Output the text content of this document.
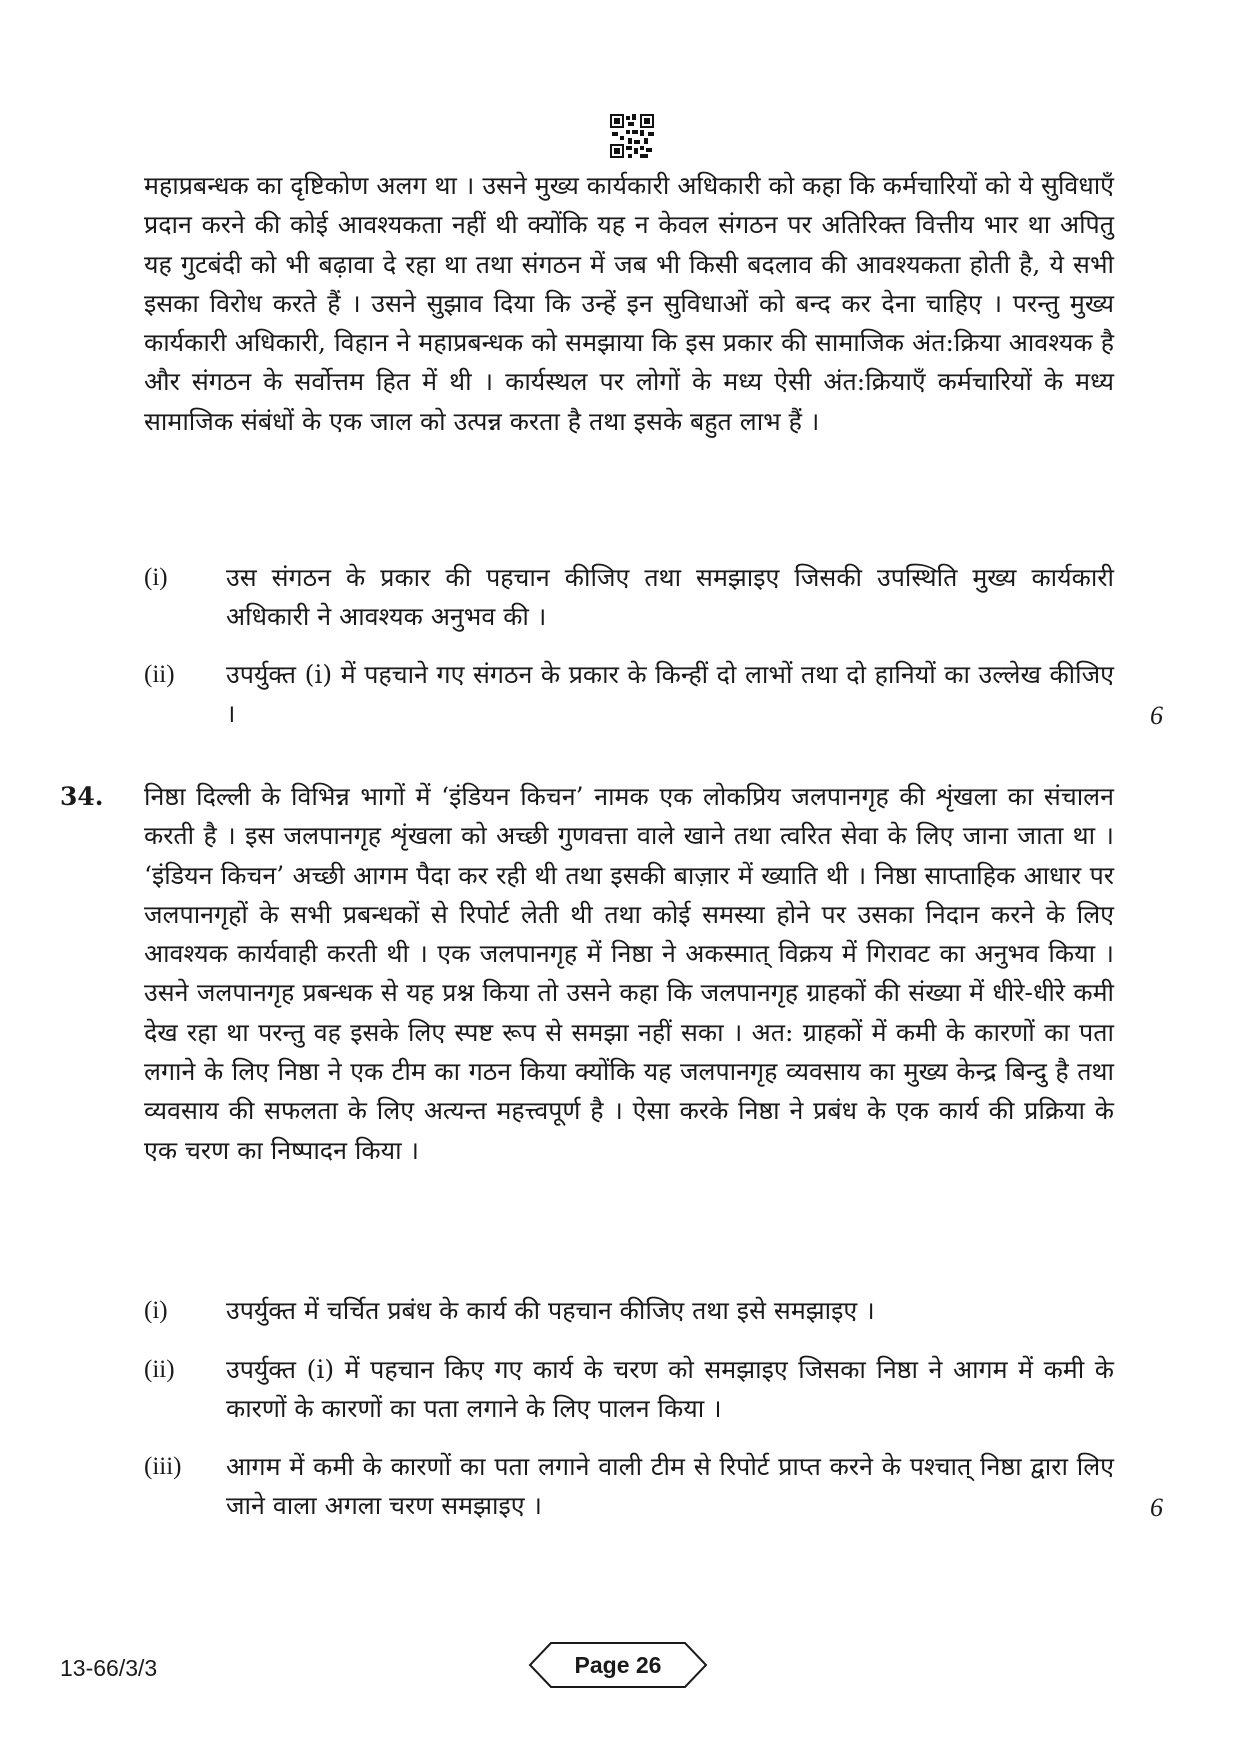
महाप्रबन्धक का दृष्टिकोण अलग था । उसने मुख्य कार्यकारी अधिकारी को कहा कि कर्मचारियों को ये सुविधाएँ प्रदान करने की कोई आवश्यकता नहीं थी क्योंकि यह न केवल संगठन पर अतिरिक्त वित्तीय भार था अपितु यह गुटबंदी को भी बढ़ावा दे रहा था तथा संगठन में जब भी किसी बदलाव की आवश्यकता होती है, ये सभी इसका विरोध करते हैं । उसने सुझाव दिया कि उन्हें इन सुविधाओं को बन्द कर देना चाहिए । परन्तु मुख्य कार्यकारी अधिकारी, विहान ने महाप्रबन्धक को समझाया कि इस प्रकार की सामाजिक अंत:क्रिया आवश्यक है और संगठन के सर्वोत्तम हित में थी । कार्यस्थल पर लोगों के मध्य ऐसी अंत:क्रियाएँ कर्मचारियों के मध्य सामाजिक संबंधों के एक जाल को उत्पन्न करता है तथा इसके बहुत लाभ हैं ।
(i) उस संगठन के प्रकार की पहचान कीजिए तथा समझाइए जिसकी उपस्थिति मुख्य कार्यकारी अधिकारी ने आवश्यक अनुभव की ।
(ii) उपर्युक्त (i) में पहचाने गए संगठन के प्रकार के किन्हीं दो लाभों तथा दो हानियों का उल्लेख कीजिए ।	6
34. निष्ठा दिल्ली के विभिन्न भागों में ‘इंडियन किचन’ नामक एक लोकप्रिय जलपानगृह की शृंखला का संचालन करती है । इस जलपानगृह शृंखला को अच्छी गुणवत्ता वाले खाने तथा त्वरित सेवा के लिए जाना जाता था । ‘इंडियन किचन’ अच्छी आगम पैदा कर रही थी तथा इसकी बाज़ार में ख्याति थी । निष्ठा साप्ताहिक आधार पर जलपानगृहों के सभी प्रबन्धकों से रिपोर्ट लेती थी तथा कोई समस्या होने पर उसका निदान करने के लिए आवश्यक कार्यवाही करती थी । एक जलपानगृह में निष्ठा ने अकस्मात् विक्रय में गिरावट का अनुभव किया । उसने जलपानगृह प्रबन्धक से यह प्रश्न किया तो उसने कहा कि जलपानगृह ग्राहकों की संख्या में धीरे-धीरे कमी देख रहा था परन्तु वह इसके लिए स्पष्ट रूप से समझा नहीं सका । अत: ग्राहकों में कमी के कारणों का पता लगाने के लिए निष्ठा ने एक टीम का गठन किया क्योंकि यह जलपानगृह व्यवसाय का मुख्य केन्द्र बिन्दु है तथा व्यवसाय की सफलता के लिए अत्यन्त महत्त्वपूर्ण है । ऐसा करके निष्ठा ने प्रबंध के एक कार्य की प्रक्रिया के एक चरण का निष्पादन किया ।
(i) उपर्युक्त में चर्चित प्रबंध के कार्य की पहचान कीजिए तथा इसे समझाइए ।
(ii) उपर्युक्त (i) में पहचान किए गए कार्य के चरण को समझाइए जिसका निष्ठा ने आगम में कमी के कारणों के कारणों का पता लगाने के लिए पालन किया ।
(iii) आगम में कमी के कारणों का पता लगाने वाली टीम से रिपोर्ट प्राप्त करने के पश्चात् निष्ठा द्वारा लिए जाने वाला अगला चरण समझाइए ।	6
13-66/3/3	Page 26
